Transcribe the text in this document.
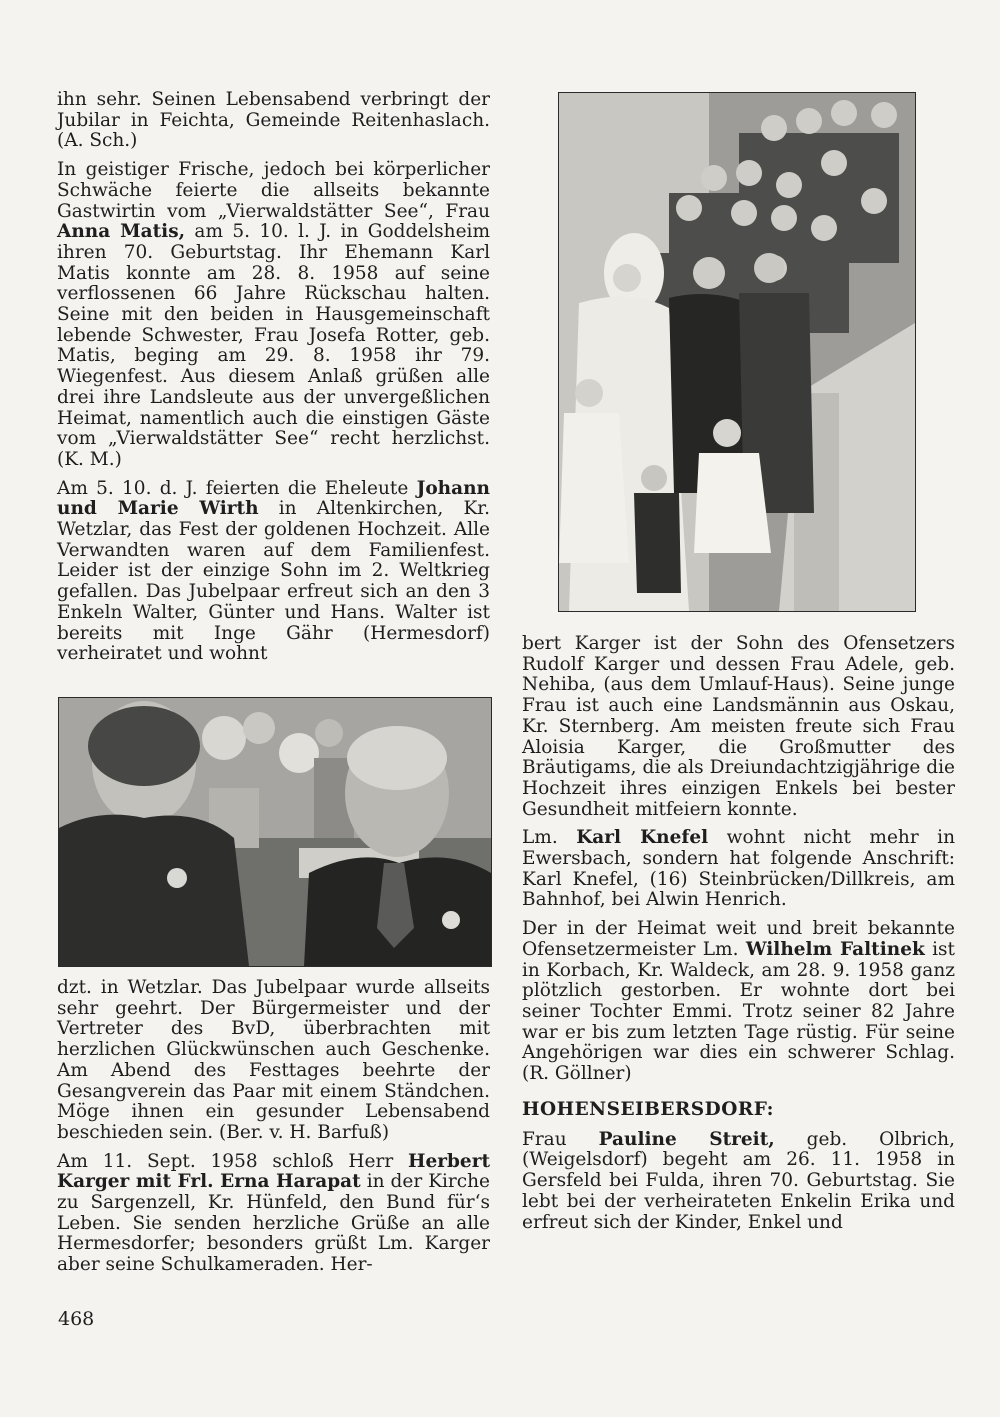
ihn sehr. Seinen Lebensabend verbringt der Jubilar in Feichta, Gemeinde Reitenhaslach. (A. Sch.)

In geistiger Frische, jedoch bei körperlicher Schwäche feierte die allseits bekannte Gastwirtin vom „Vierwaldstätter See“, Frau Anna Matis, am 5. 10. l. J. in Goddelsheim ihren 70. Geburtstag. Ihr Ehemann Karl Matis konnte am 28. 8. 1958 auf seine verflossenen 66 Jahre Rückschau halten. Seine mit den beiden in Hausgemeinschaft lebende Schwester, Frau Josefa Rotter, geb. Matis, beging am 29. 8. 1958 ihr 79. Wiegenfest. Aus diesem Anlaß grüßen alle drei ihre Landsleute aus der unvergeßlichen Heimat, namentlich auch die einstigen Gäste vom „Vierwaldstätter See“ recht herzlichst. (K. M.)

Am 5. 10. d. J. feierten die Eheleute Johann und Marie Wirth in Altenkirchen, Kr. Wetzlar, das Fest der goldenen Hochzeit. Alle Verwandten waren auf dem Familienfest. Leider ist der einzige Sohn im 2. Weltkrieg gefallen. Das Jubelpaar erfreut sich an den 3 Enkeln Walter, Günter und Hans. Walter ist bereits mit Inge Gähr (Hermesdorf) verheiratet und wohnt

dzt. in Wetzlar. Das Jubelpaar wurde allseits sehr geehrt. Der Bürgermeister und der Vertreter des BvD, überbrachten mit herzlichen Glückwünschen auch Geschenke. Am Abend des Festtages beehrte der Gesangverein das Paar mit einem Ständchen. Möge ihnen ein gesunder Lebensabend beschieden sein. (Ber. v. H. Barfuß)

Am 11. Sept. 1958 schloß Herr Herbert Karger mit Frl. Erna Harapat in der Kirche zu Sargenzell, Kr. Hünfeld, den Bund für‘s Leben. Sie senden herzliche Grüße an alle Hermesdorfer; besonders grüßt Lm. Karger aber seine Schulkameraden. Her-

bert Karger ist der Sohn des Ofensetzers Rudolf Karger und dessen Frau Adele, geb. Nehiba, (aus dem Umlauf-Haus). Seine junge Frau ist auch eine Landsmännin aus Oskau, Kr. Sternberg. Am meisten freute sich Frau Aloisia Karger, die Großmutter des Bräutigams, die als Dreiundachtzigjährige die Hochzeit ihres einzigen Enkels bei bester Gesundheit mitfeiern konnte.

Lm. Karl Knefel wohnt nicht mehr in Ewersbach, sondern hat folgende Anschrift: Karl Knefel, (16) Steinbrücken/Dillkreis, am Bahnhof, bei Alwin Henrich.

Der in der Heimat weit und breit bekannte Ofensetzermeister Lm. Wilhelm Faltinek ist in Korbach, Kr. Waldeck, am 28. 9. 1958 ganz plötzlich gestorben. Er wohnte dort bei seiner Tochter Emmi. Trotz seiner 82 Jahre war er bis zum letzten Tage rüstig. Für seine Angehörigen war dies ein schwerer Schlag. (R. Göllner)

HOHENSEIBERSDORF:

Frau Pauline Streit, geb. Olbrich, (Weigelsdorf) begeht am 26. 11. 1958 in Gersfeld bei Fulda, ihren 70. Geburtstag. Sie lebt bei der verheirateten Enkelin Erika und erfreut sich der Kinder, Enkel und

468
